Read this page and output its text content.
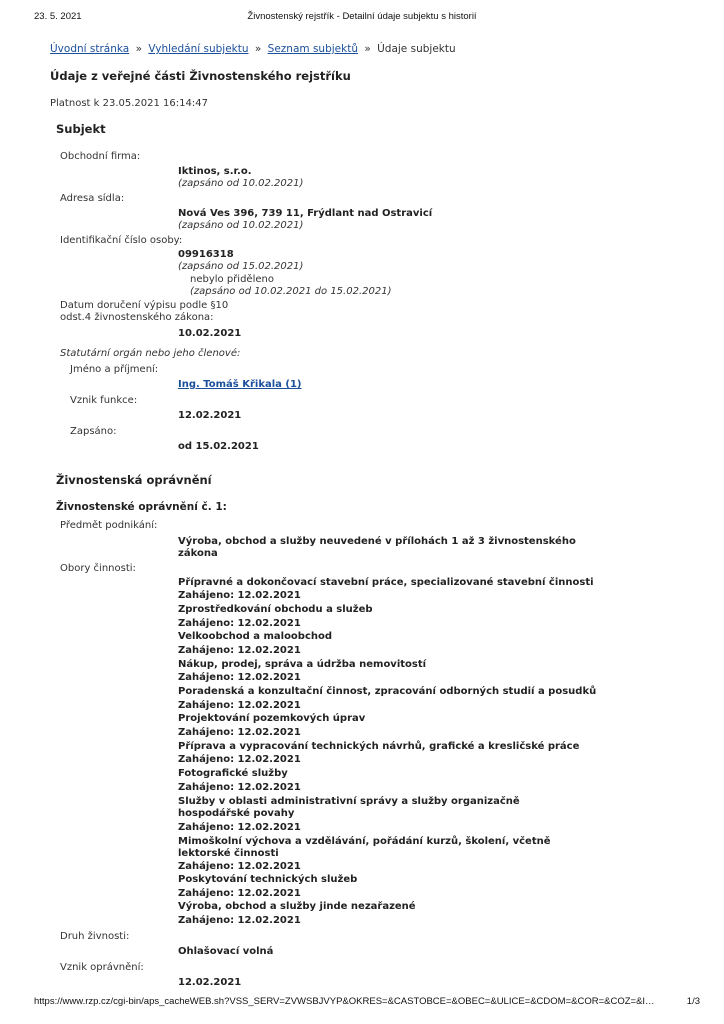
23. 5. 2021	Živnostenský rejstřík - Detailní údaje subjektu s historií
Úvodní stránka » Vyhledání subjektu » Seznam subjektů » Údaje subjektu
Údaje z veřejné části Živnostenského rejstříku
Platnost k 23.05.2021 16:14:47
Subjekt
Obchodní firma:
Iktinos, s.r.o.
(zapsáno od 10.02.2021)
Adresa sídla:
Nová Ves 396, 739 11, Frýdlant nad Ostravicí
(zapsáno od 10.02.2021)
Identifikační číslo osoby:
09916318
(zapsáno od 15.02.2021)
nebylo přiděleno
(zapsáno od 10.02.2021 do 15.02.2021)
Datum doručení výpisu podle §10
odst.4 živnostenského zákona:
10.02.2021
Statutární orgán nebo jeho členové:
Jméno a příjmení:
Ing. Tomáš Křikala (1)
Vznik funkce:
12.02.2021
Zapsáno:
od 15.02.2021
Živnostenská oprávnění
Živnostenské oprávnění č. 1:
Předmět podnikání:
Výroba, obchod a služby neuvedené v přílohách 1 až 3 živnostenského zákona
Obory činnosti:
Přípravné a dokončovací stavební práce, specializované stavební činnosti
Zahájeno: 12.02.2021
Zprostředkování obchodu a služeb
Zahájeno: 12.02.2021
Velkoobchod a maloobchod
Zahájeno: 12.02.2021
Nákup, prodej, správa a údržba nemovitostí
Zahájeno: 12.02.2021
Poradenská a konzultační činnost, zpracování odborných studií a posudků
Zahájeno: 12.02.2021
Projektování pozemkových úprav
Zahájeno: 12.02.2021
Příprava a vypracování technických návrhů, grafické a kresličské práce
Zahájeno: 12.02.2021
Fotografické služby
Zahájeno: 12.02.2021
Služby v oblasti administrativní správy a služby organizačně hospodářské povahy
Zahájeno: 12.02.2021
Mimoškolní výchova a vzdělávání, pořádání kurzů, školení, včetně lektorské činnosti
Zahájeno: 12.02.2021
Poskytování technických služeb
Zahájeno: 12.02.2021
Výroba, obchod a služby jinde nezařazené
Zahájeno: 12.02.2021
Druh živnosti:
Ohlašovací volná
Vznik oprávnění:
12.02.2021
https://www.rzp.cz/cgi-bin/aps_cacheWEB.sh?VSS_SERV=ZVWSBJVYP&OKRES=&CASTOBCE=&OBEC=&ULICE=&CDOM=&COR=&COZ=&I…	1/3
